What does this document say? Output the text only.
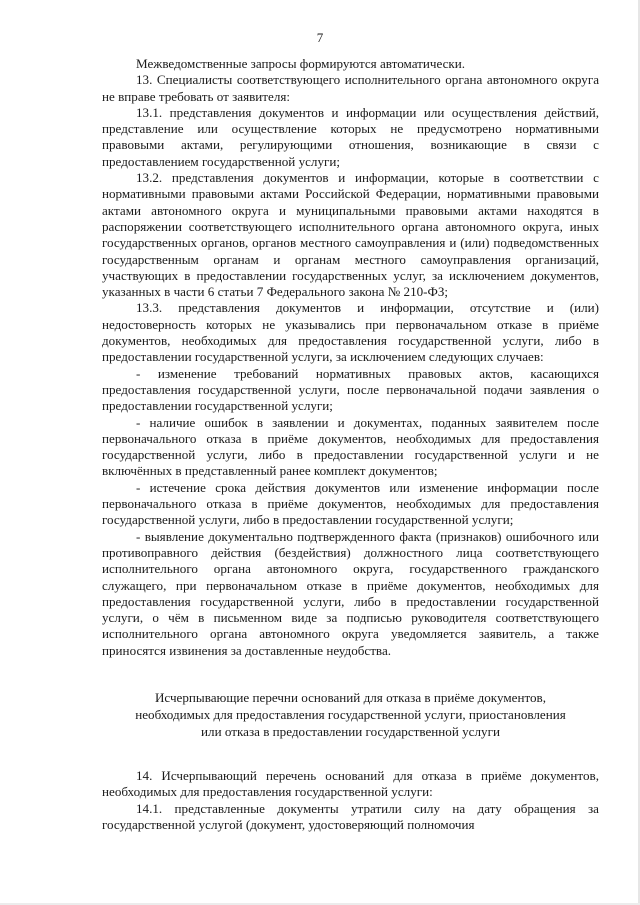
7

Межведомственные запросы формируются автоматически.

13. Специалисты соответствующего исполнительного органа автономного округа не вправе требовать от заявителя:

13.1. представления документов и информации или осуществления действий, представление или осуществление которых не предусмотрено нормативными правовыми актами, регулирующими отношения, возникающие в связи с предоставлением государственной услуги;

13.2. представления документов и информации, которые в соответствии с нормативными правовыми актами Российской Федерации, нормативными правовыми актами автономного округа и муниципальными правовыми актами находятся в распоряжении соответствующего исполнительного органа автономного округа, иных государственных органов, органов местного самоуправления и (или) подведомственных государственным органам и органам местного самоуправления организаций, участвующих в предоставлении государственных услуг, за исключением документов, указанных в части 6 статьи 7 Федерального закона № 210-ФЗ;

13.3. представления документов и информации, отсутствие и (или) недостоверность которых не указывались при первоначальном отказе в приёме документов, необходимых для предоставления государственной услуги, либо в предоставлении государственной услуги, за исключением следующих случаев:

- изменение требований нормативных правовых актов, касающихся предоставления государственной услуги, после первоначальной подачи заявления о предоставлении государственной услуги;

- наличие ошибок в заявлении и документах, поданных заявителем после первоначального отказа в приёме документов, необходимых для предоставления государственной услуги, либо в предоставлении государственной услуги и не включённых в представленный ранее комплект документов;

- истечение срока действия документов или изменение информации после первоначального отказа в приёме документов, необходимых для предоставления государственной услуги, либо в предоставлении государственной услуги;

- выявление документально подтвержденного факта (признаков) ошибочного или противоправного действия (бездействия) должностного лица соответствующего исполнительного органа автономного округа, государственного гражданского служащего, при первоначальном отказе в приёме документов, необходимых для предоставления государственной услуги, либо в предоставлении государственной услуги, о чём в письменном виде за подписью руководителя соответствующего исполнительного органа автономного округа уведомляется заявитель, а также приносятся извинения за доставленные неудобства.

Исчерпывающие перечни оснований для отказа в приёме документов,
необходимых для предоставления государственной услуги, приостановления
или отказа в предоставлении государственной услуги

14. Исчерпывающий перечень оснований для отказа в приёме документов, необходимых для предоставления государственной услуги:

14.1. представленные документы утратили силу на дату обращения за государственной услугой (документ, удостоверяющий полномочия
